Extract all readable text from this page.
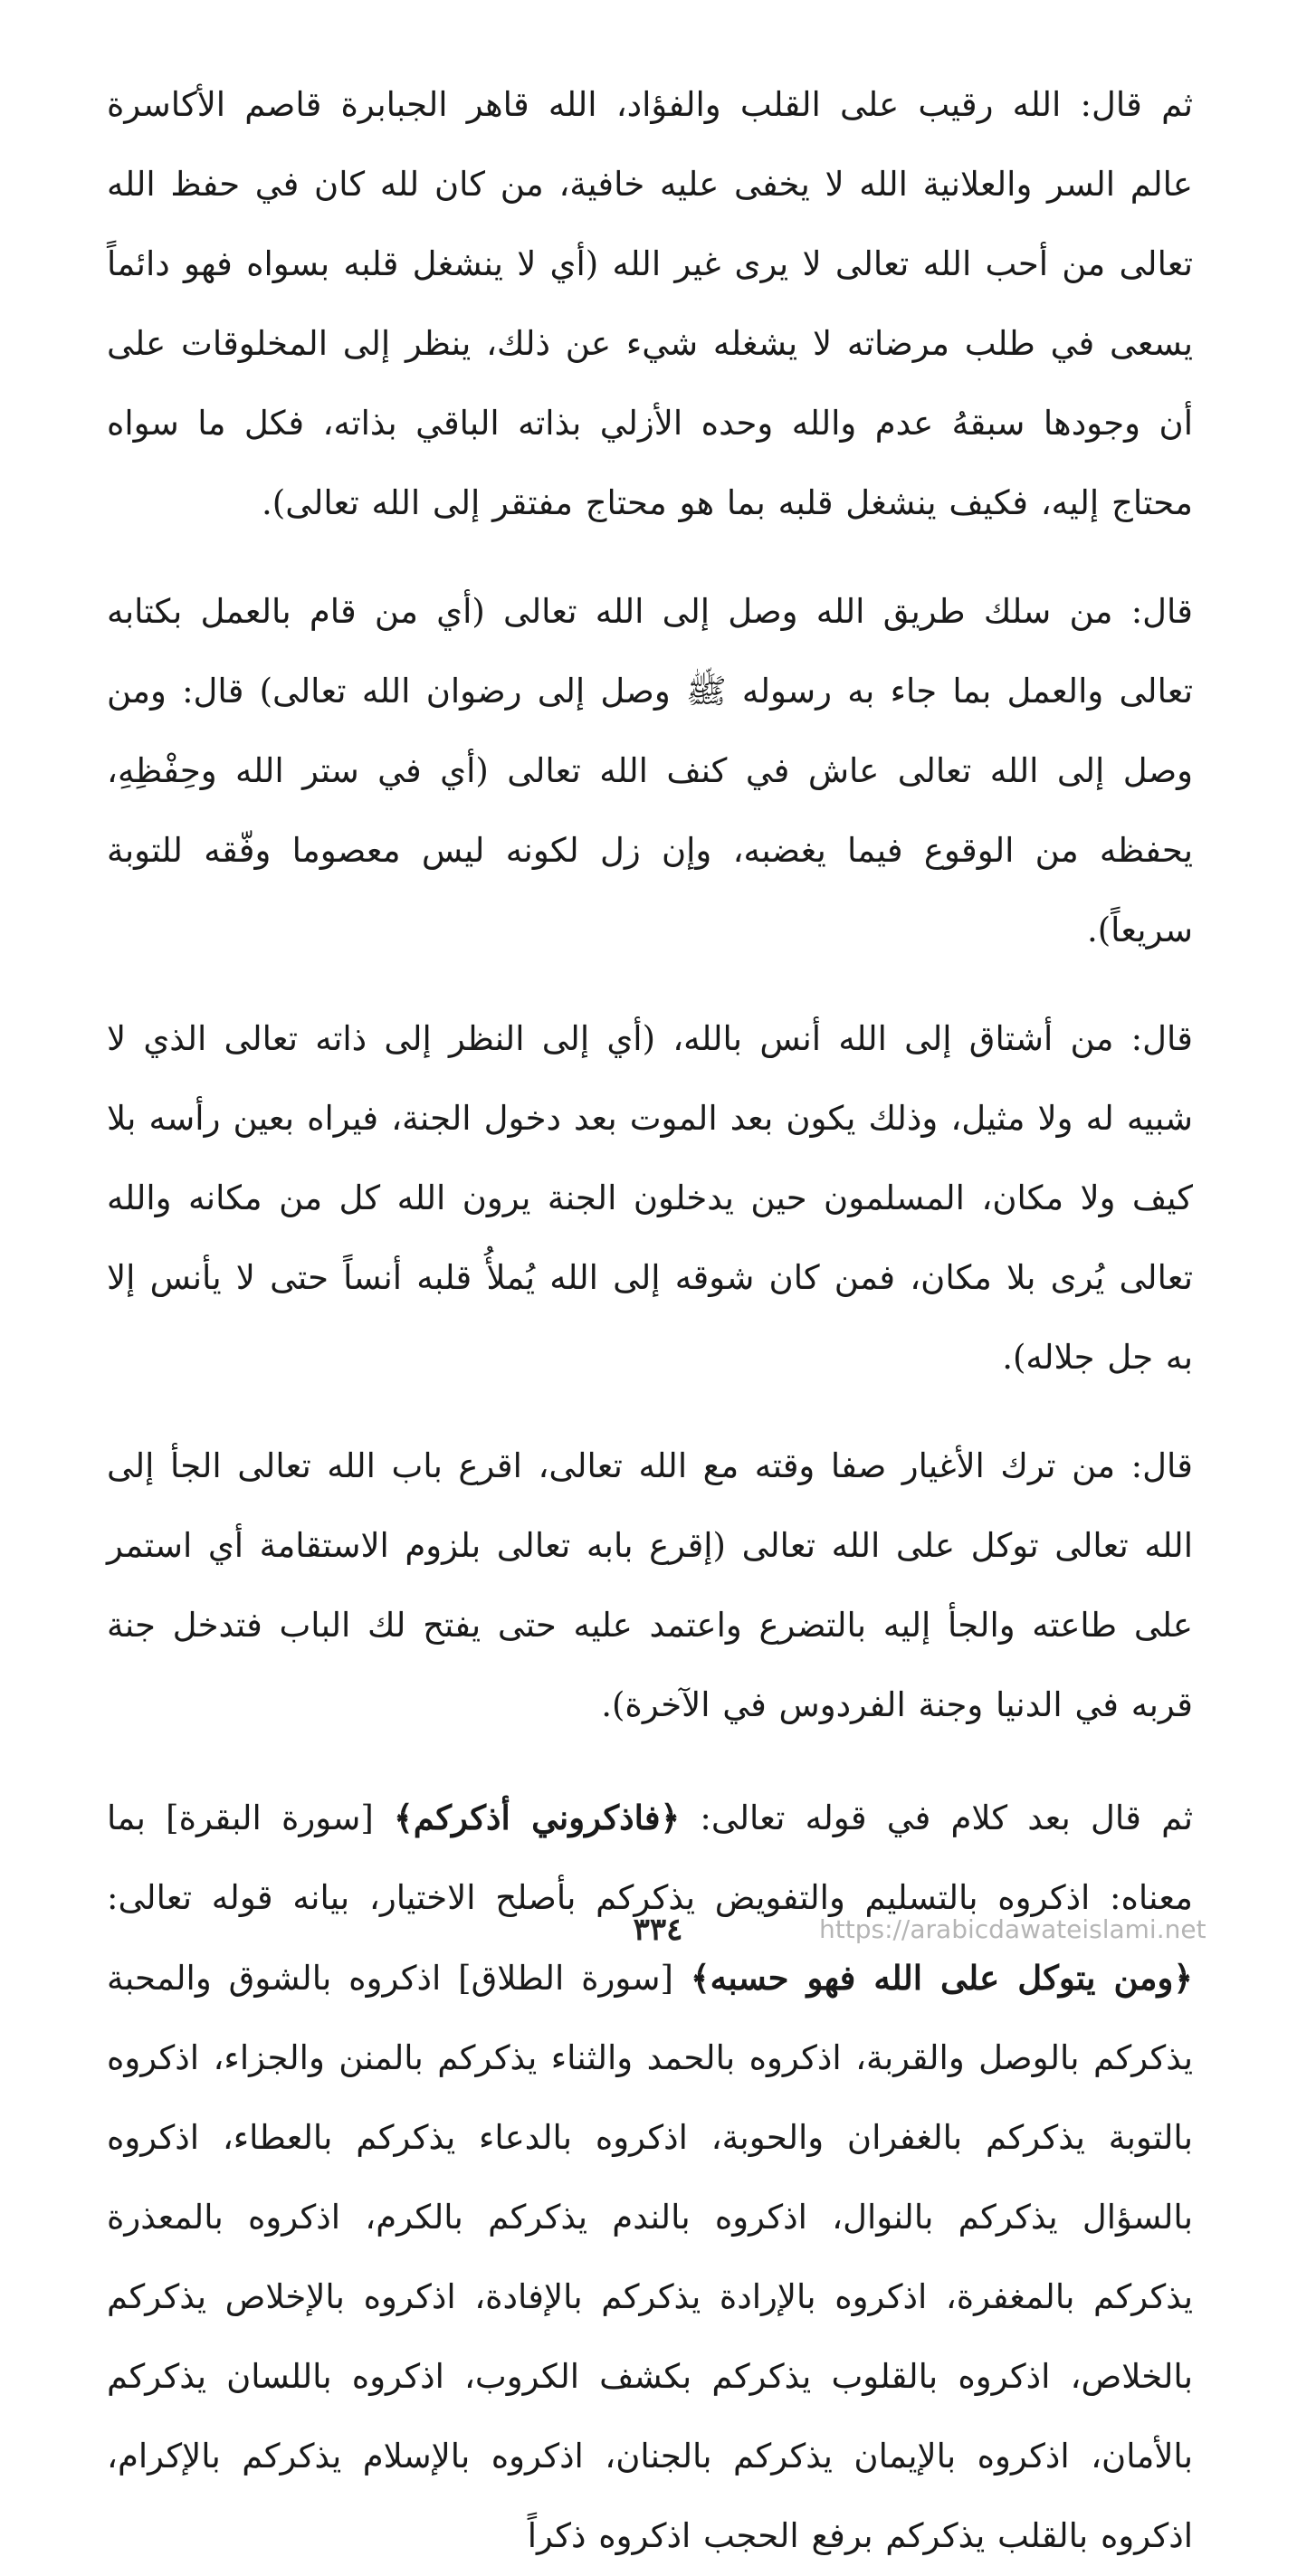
ثم قال: الله رقيب على القلب والفؤاد، الله قاهر الجبابرة قاصم الأكاسرة عالم السر والعلانية الله لا يخفى عليه خافية، من كان لله كان في حفظ الله تعالى من أحب الله تعالى لا يرى غير الله (أي لا ينشغل قلبه بسواه فهو دائماً يسعى في طلب مرضاته لا يشغله شيء عن ذلك، ينظر إلى المخلوقات على أن وجودها سبقهُ عدم والله وحده الأزلي بذاته الباقي بذاته، فكل ما سواه محتاج إليه، فكيف ينشغل قلبه بما هو محتاج مفتقر إلى الله تعالى).

قال: من سلك طريق الله وصل إلى الله تعالى (أي من قام بالعمل بكتابه تعالى والعمل بما جاء به رسوله ﷺ وصل إلى رضوان الله تعالى) قال: ومن وصل إلى الله تعالى عاش في كنف الله تعالى (أي في ستر الله وحِفْظِهِ، يحفظه من الوقوع فيما يغضبه، وإن زل لكونه ليس معصوما وفّقه للتوبة سريعاً).

قال: من أشتاق إلى الله أنس بالله، (أي إلى النظر إلى ذاته تعالى الذي لا شبيه له ولا مثيل، وذلك يكون بعد الموت بعد دخول الجنة، فيراه بعين رأسه بلا كيف ولا مكان، المسلمون حين يدخلون الجنة يرون الله كل من مكانه والله تعالى يُرى بلا مكان، فمن كان شوقه إلى الله يُملأُ قلبه أنساً حتى لا يأنس إلا به جل جلاله).

قال: من ترك الأغيار صفا وقته مع الله تعالى، اقرع باب الله تعالى الجأ إلى الله تعالى توكل على الله تعالى (إقرع بابه تعالى بلزوم الاستقامة أي استمر على طاعته والجأ إليه بالتضرع واعتمد عليه حتى يفتح لك الباب فتدخل جنة قربه في الدنيا وجنة الفردوس في الآخرة).

ثم قال بعد كلام في قوله تعالى: ﴿فاذكروني أذكركم﴾ [سورة البقرة] بما معناه: اذكروه بالتسليم والتفويض يذكركم بأصلح الاختيار، بيانه قوله تعالى: ﴿ومن يتوكل على الله فهو حسبه﴾ [سورة الطلاق] اذكروه بالشوق والمحبة يذكركم بالوصل والقربة، اذكروه بالحمد والثناء يذكركم بالمنن والجزاء، اذكروه بالتوبة يذكركم بالغفران والحوبة، اذكروه بالدعاء يذكركم بالعطاء، اذكروه بالسؤال يذكركم بالنوال، اذكروه بالندم يذكركم بالكرم، اذكروه بالمعذرة يذكركم بالمغفرة، اذكروه بالإرادة يذكركم بالإفادة، اذكروه بالإخلاص يذكركم بالخلاص، اذكروه بالقلوب يذكركم بكشف الكروب، اذكروه باللسان يذكركم بالأمان، اذكروه بالإيمان يذكركم بالجنان، اذكروه بالإسلام يذكركم بالإكرام، اذكروه بالقلب يذكركم برفع الحجب اذكروه ذكراً

٣٣٤	https://arabicdawateislami.net
